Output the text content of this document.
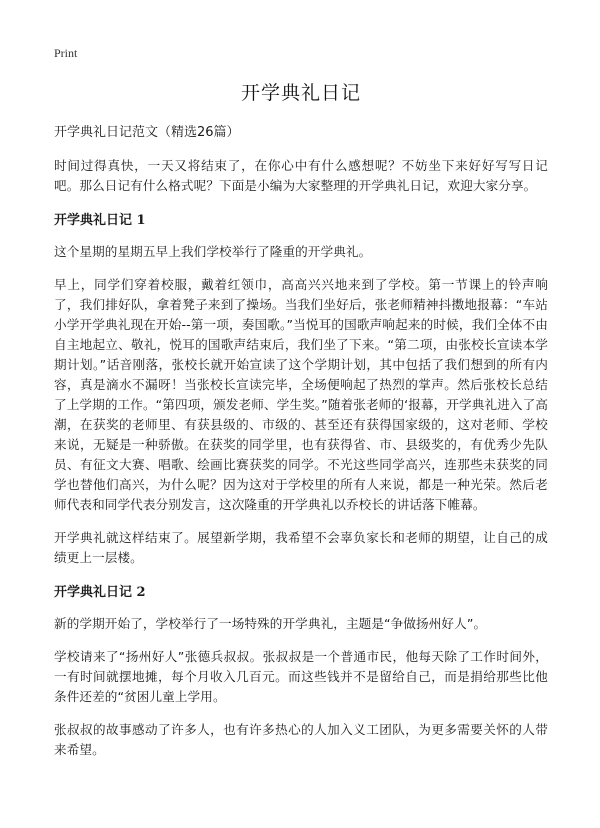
Print
开学典礼日记
开学典礼日记范文（精选26篇）

时间过得真快，一天又将结束了，在你心中有什么感想呢？不妨坐下来好好写写日记吧。那么日记有什么格式呢？下面是小编为大家整理的开学典礼日记，欢迎大家分享。

开学典礼日记 1

这个星期的星期五早上我们学校举行了隆重的开学典礼。

早上，同学们穿着校服，戴着红领巾，高高兴兴地来到了学校。第一节课上的铃声响了，我们排好队，拿着凳子来到了操场。当我们坐好后，张老师精神抖擞地报幕：“车站小学开学典礼现在开始--第一项，奏国歌。”当悦耳的国歌声响起来的时候，我们全体不由自主地起立、敬礼，悦耳的国歌声结束后，我们坐了下来。“第二项，由张校长宣读本学期计划。”话音刚落，张校长就开始宣读了这个学期计划，其中包括了我们想到的所有内容，真是滴水不漏呀！当张校长宣读完毕，全场便响起了热烈的掌声。然后张校长总结了上学期的工作。“第四项，颁发老师、学生奖。”随着张老师的‘报幕，开学典礼进入了高潮，在获奖的老师里、有获县级的、市级的、甚至还有获得国家级的，这对老师、学校来说，无疑是一种骄傲。在获奖的同学里，也有获得省、市、县级奖的，有优秀少先队员、有征文大赛、唱歌、绘画比赛获奖的同学。不光这些同学高兴，连那些未获奖的同学也替他们高兴，为什么呢？因为这对于学校里的所有人来说，都是一种光荣。然后老师代表和同学代表分别发言，这次隆重的开学典礼以乔校长的讲话落下帷幕。

开学典礼就这样结束了。展望新学期，我希望不会辜负家长和老师的期望，让自己的成绩更上一层楼。

开学典礼日记 2

新的学期开始了，学校举行了一场特殊的开学典礼，主题是“争做扬州好人”。

学校请来了“扬州好人”张德兵叔叔。张叔叔是一个普通市民，他每天除了工作时间外，一有时间就摆地摊，每个月收入几百元。而这些钱并不是留给自己，而是捐给那些比他条件还差的“贫困儿童上学用。

张叔叔的故事感动了许多人，也有许多热心的人加入义工团队，为更多需要关怀的人带来希望。
